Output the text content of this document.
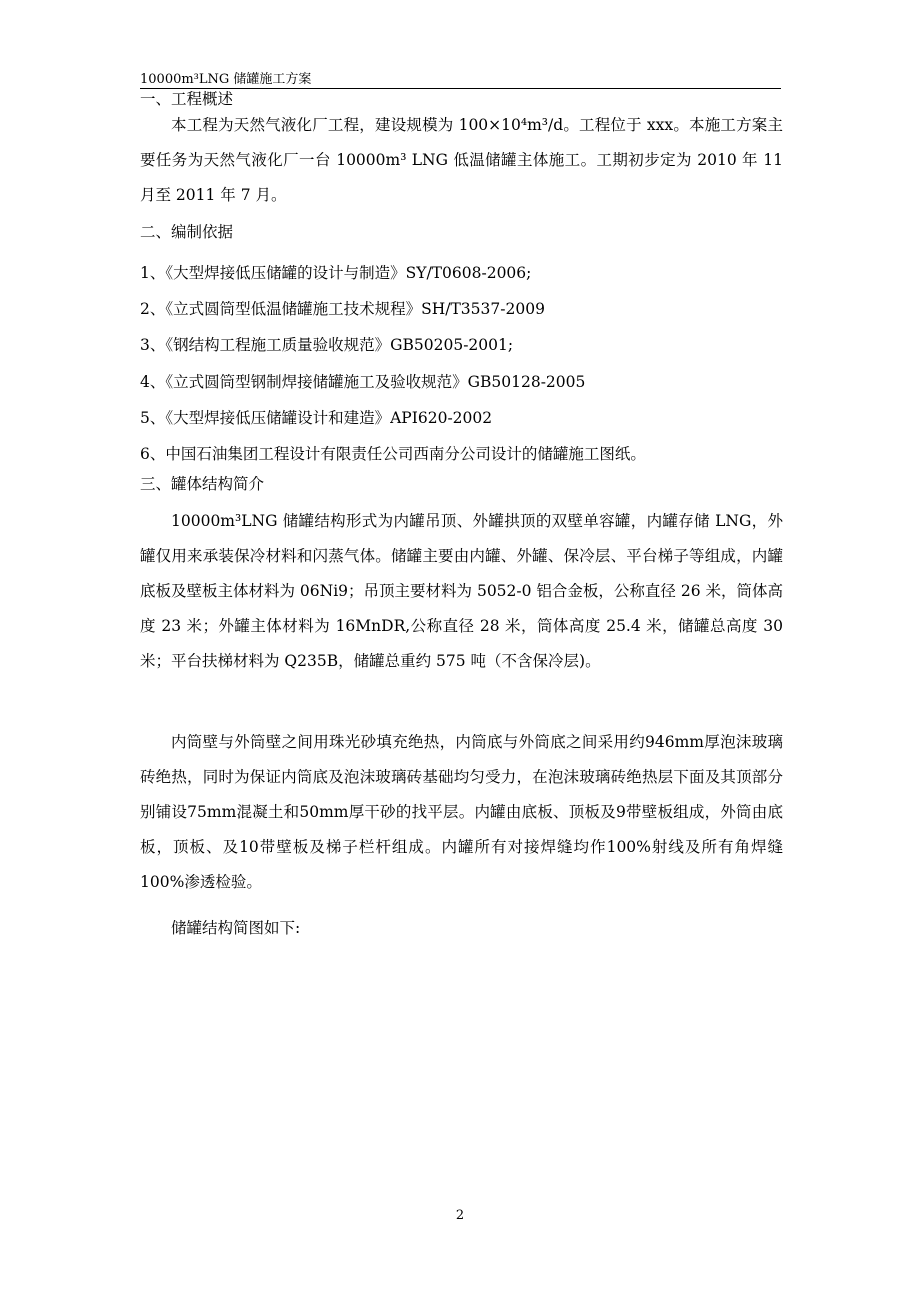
10000m³LNG 储罐施工方案
一、工程概述
本工程为天然气液化厂工程，建设规模为 100×10⁴m³/d。工程位于 xxx。本施工方案主要任务为天然气液化厂一台 10000m³ LNG 低温储罐主体施工。工期初步定为 2010 年 11 月至 2011 年 7 月。
二、编制依据
1、《大型焊接低压储罐的设计与制造》SY/T0608-2006;
2、《立式圆筒型低温储罐施工技术规程》SH/T3537-2009
3、《钢结构工程施工质量验收规范》GB50205-2001;
4、《立式圆筒型钢制焊接储罐施工及验收规范》GB50128-2005
5、《大型焊接低压储罐设计和建造》API620-2002
6、中国石油集团工程设计有限责任公司西南分公司设计的储罐施工图纸。
三、罐体结构简介
10000m³LNG 储罐结构形式为内罐吊顶、外罐拱顶的双壁单容罐，内罐存储 LNG，外罐仅用来承装保冷材料和闪蒸气体。储罐主要由内罐、外罐、保冷层、平台梯子等组成，内罐底板及壁板主体材料为 06Ni9；吊顶主要材料为 5052-0 铝合金板，公称直径 26 米，筒体高度 23 米；外罐主体材料为 16MnDR,公称直径 28 米，筒体高度 25.4 米，储罐总高度 30 米；平台扶梯材料为 Q235B，储罐总重约 575 吨（不含保冷层)。
内筒壁与外筒壁之间用珠光砂填充绝热，内筒底与外筒底之间采用约946mm厚泡沫玻璃砖绝热，同时为保证内筒底及泡沫玻璃砖基础均匀受力，在泡沫玻璃砖绝热层下面及其顶部分别铺设75mm混凝土和50mm厚干砂的找平层。内罐由底板、顶板及9带壁板组成，外筒由底板，顶板、及10带壁板及梯子栏杆组成。内罐所有对接焊缝均作100%射线及所有角焊缝100%渗透检验。
储罐结构简图如下:
2
